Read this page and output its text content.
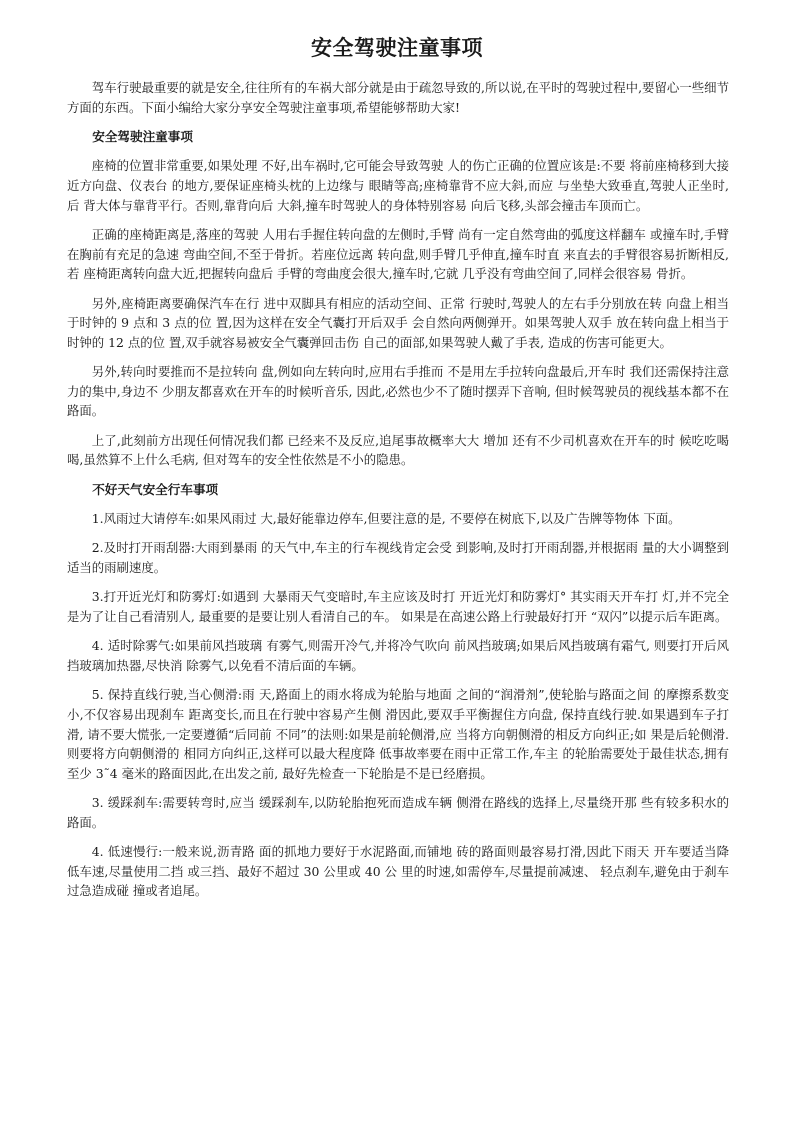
安全驾驶注童事项

驾车行驶最重要的就是安全,往往所有的车祸大部分就是由于疏忽导致的,所以说,在平时的驾驶过程中,要留心一些细节方面的东西。下面小编给大家分享安全驾驶注童事项,希望能够帮助大家!

安全驾驶注童事项

座椅的位置非常重要,如果处理 不好,出车祸时,它可能会导致驾驶 人的伤亡正确的位置应该是:不要 将前座椅移到大接近方向盘、仪表台 的地方,要保证座椅头枕的上边缘与 眼睛等高;座椅靠背不应大斜,而应 与坐垫大致垂直,驾驶人正坐时,后 背大体与靠背平行。否则,靠背向后 大斜,撞车时驾驶人的身体特别容易 向后飞移,头部会撞击车顶而亡。

正确的座椅距离是,落座的驾驶 人用右手握住转向盘的左侧时,手臂 尚有一定自然弯曲的弧度这样翻车 或撞车时,手臂在胸前有充足的急速 弯曲空间,不至于骨折。若座位远离 转向盘,则手臂几乎伸直,撞车时直 来直去的手臂很容易折断相反,若 座椅距离转向盘大近,把握转向盘后 手臂的弯曲度会很大,撞车时,它就 几乎没有弯曲空间了,同样会很容易 骨折。

另外,座椅距离要确保汽车在行 进中双脚具有相应的活动空间、正常 行驶时,驾驶人的左右手分别放在转 向盘上相当于时钟的 9 点和 3 点的位 置,因为这样在安全气囊打开后双手 会自然向两侧弹开。如果驾驶人双手 放在转向盘上相当于时钟的 12 点的位 置,双手就容易被安全气囊弹回击伤 自己的面部,如果驾驶人戴了手表, 造成的伤害可能更大。

另外,转向时要推而不是拉转向 盘,例如向左转向时,应用右手推而 不是用左手拉转向盘最后,开车时 我们还需保持注意力的集中,身边不 少朋友都喜欢在开车的时候听音乐, 因此,必然也少不了随时摆弄下音响, 但时候驾驶员的视线基本都不在路面。

上了,此刻前方出现任何情况我们都 已经来不及反应,追尾事故概率大大 增加 还有不少司机喜欢在开车的时 候吃吃喝喝,虽然算不上什么毛病, 但对驾车的安全性依然是不小的隐患。

不好天气安全行车事项

1.风雨过大请停车:如果风雨过 大,最好能靠边停车,但要注意的是, 不要停在树底下,以及广告牌等物体 下面。

2.及时打开雨刮器:大雨到暴雨 的天气中,车主的行车视线肯定会受 到影响,及时打开雨刮器,并根据雨 量的大小调整到适当的雨刷速度。

3.打开近光灯和防雾灯:如遇到 大暴雨天气变暗时,车主应该及时打 开近光灯和防雾灯° 其实雨天开车打 灯,并不完全是为了让自己看清别人, 最重要的是要让别人看清自己的车。 如果是在高速公路上行驶最好打开 “双闪”以提示后车距离。

4. 适时除雾气:如果前风挡玻璃 有雾气,则需开冷气,并将冷气吹向 前风挡玻璃;如果后风挡玻璃有霜气, 则要打开后风挡玻璃加热器,尽快消 除雾气,以免看不清后面的车辆。

5. 保持直线行驶,当心侧滑:雨 天,路面上的雨水将成为轮胎与地面 之间的“润滑剂”,使轮胎与路面之间 的摩擦系数变小,不仅容易出现刹车 距离变长,而且在行驶中容易产生侧 滑因此,要双手平衡握住方向盘, 保持直线行驶.如果遇到车子打滑, 请不要大慌张,一定要遵循“后同前 不同”的法则:如果是前轮侧滑,应 当将方向朝侧滑的相反方向纠正;如 果是后轮侧滑.则要将方向朝侧滑的 相同方向纠正,这样可以最大程度降 低事故率要在雨中正常工作,车主 的轮胎需要处于最佳状态,拥有至少 3˜4 毫米的路面因此,在出发之前, 最好先检查一下轮胎是不是已经磨损。

3. 缓踩刹车:需要转弯时,应当 缓踩刹车,以防轮胎抱死而造成车辆 侧滑在路线的选择上,尽量绕开那 些有较多积水的路面。

4. 低速慢行:一般来说,沥青路 面的抓地力要好于水泥路面,而铺地 砖的路面则最容易打滑,因此下雨天 开车要适当降低车速,尽量使用二挡 或三挡、最好不超过 30 公里或 40 公 里的时速,如需停车,尽量提前减速、 轻点刹车,避免由于刹车过急造成碰 撞或者追尾。
